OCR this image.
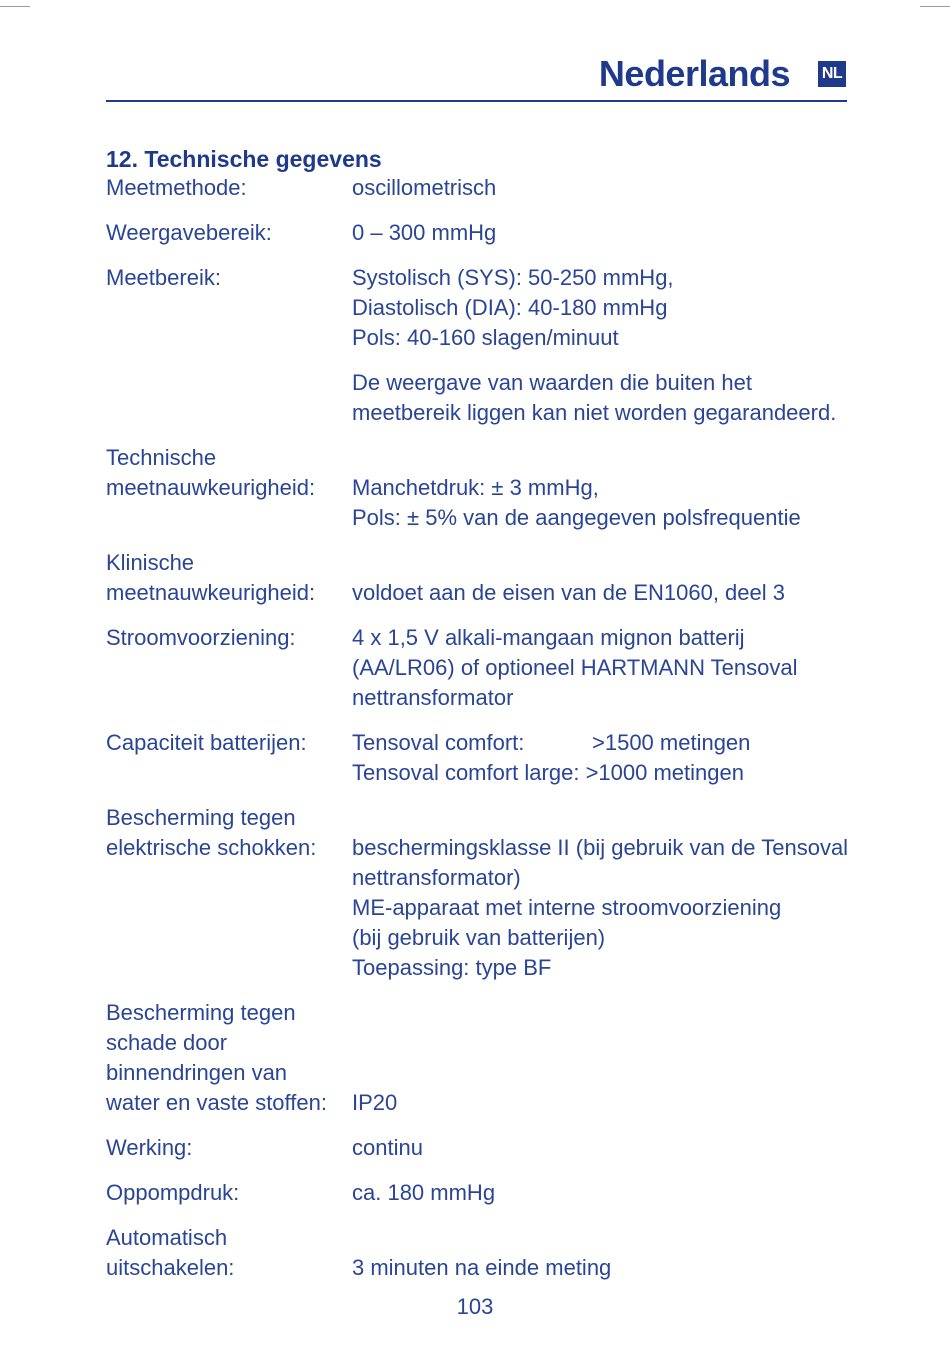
Nederlands NL
12. Technische gegevens
Meetmethode:	oscillometrisch
Weergavebereik:	0 – 300 mmHg
Meetbereik:	Systolisch (SYS): 50-250 mmHg,
Diastolisch (DIA): 40-180 mmHg
Pols: 40-160 slagen/minuut
De weergave van waarden die buiten het
meetbereik liggen kan niet worden gegarandeerd.
Technische
meetnauwkeurigheid:	Manchetdruk: ± 3 mmHg,
Pols: ± 5% van de aangegeven polsfrequentie
Klinische
meetnauwkeurigheid:	voldoet aan de eisen van de EN1060, deel 3
Stroomvoorziening:	4 x 1,5 V alkali-mangaan mignon batterij
(AA/LR06) of optioneel HARTMANN Tensoval
nettransformator
Capaciteit batterijen:	Tensoval comfort:	>1500 metingen
Tensoval comfort large: >1000 metingen
Bescherming tegen
elektrische schokken:	beschermingsklasse II (bij gebruik van de Tensoval
nettransformator)
ME-apparaat met interne stroomvoorziening
(bij gebruik van batterijen)
Toepassing: type BF
Bescherming tegen
schade door
binnendringen van
water en vaste stoffen:	IP20
Werking:	continu
Oppompdruk:	ca. 180 mmHg
Automatisch
uitschakelen:	3 minuten na einde meting
103
